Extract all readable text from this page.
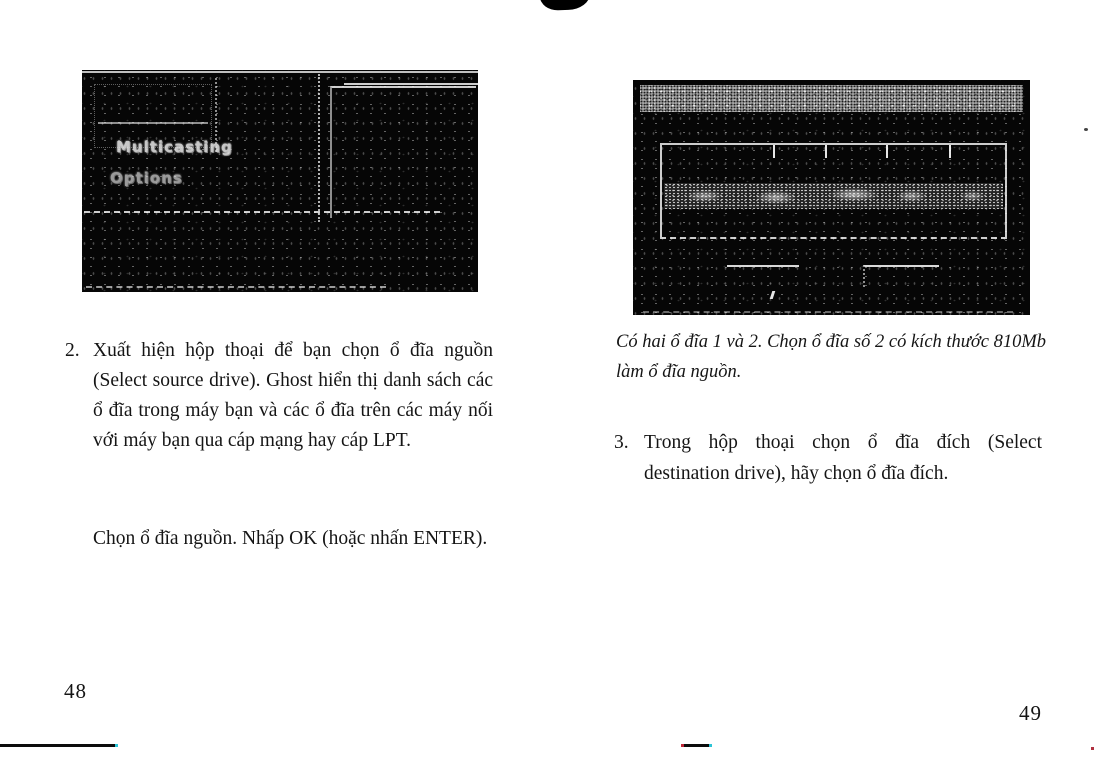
Multicasting
Options
2. Xuất hiện hộp thoại để bạn chọn ổ đĩa nguồn (Select source drive). Ghost hiển thị danh sách các ổ đĩa trong máy bạn và các ổ đĩa trên các máy nối với máy bạn qua cáp mạng hay cáp LPT.
Chọn ổ đĩa nguồn. Nhấp OK (hoặc nhấn ENTER).
48
Có hai ổ đĩa 1 và 2. Chọn ổ đĩa số 2 có kích thước 810Mb làm ổ đĩa nguồn.
3. Trong hộp thoại chọn ổ đĩa đích (Select destination drive), hãy chọn ổ đĩa đích.
49
